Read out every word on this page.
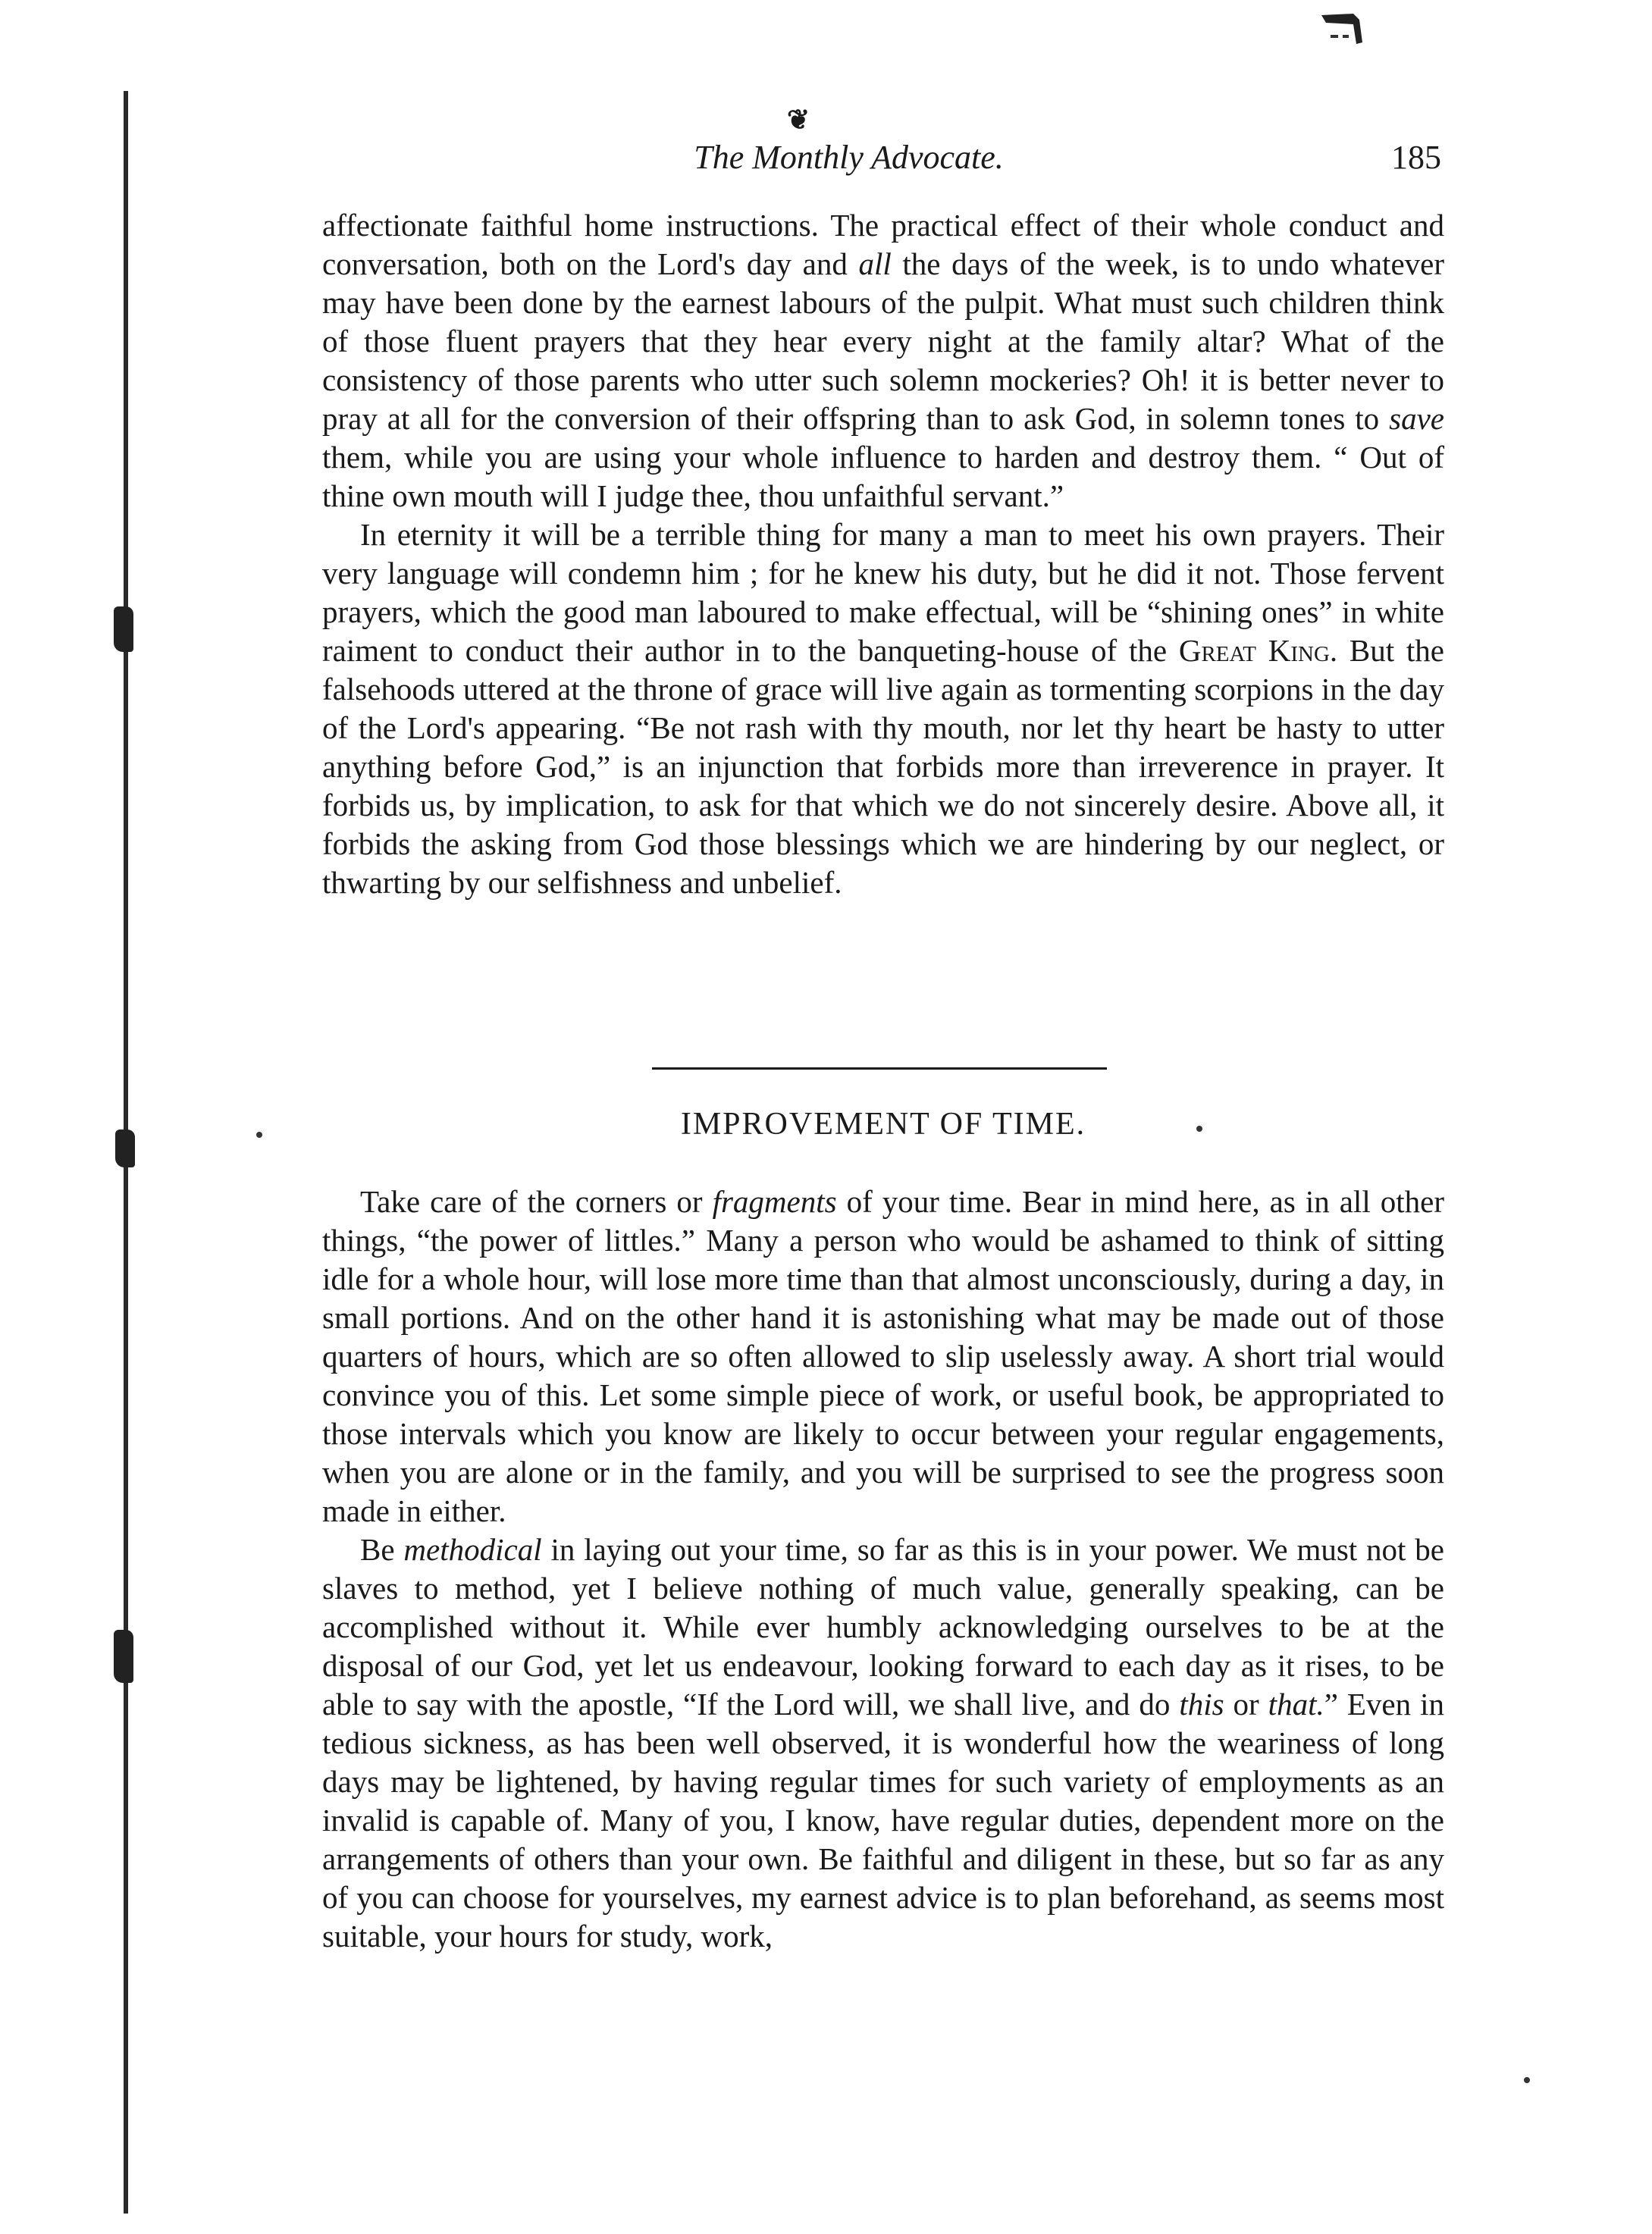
❦
The Monthly Advocate.	185

affectionate faithful home instructions. The practical effect of their whole conduct and conversation, both on the Lord's day and all the days of the week, is to undo whatever may have been done by the earnest labours of the pulpit. What must such children think of those fluent prayers that they hear every night at the family altar? What of the consistency of those parents who utter such solemn mockeries? Oh! it is better never to pray at all for the conversion of their offspring than to ask God, in solemn tones to save them, while you are using your whole influence to harden and destroy them. “ Out of thine own mouth will I judge thee, thou unfaithful servant.”

In eternity it will be a terrible thing for many a man to meet his own prayers. Their very language will condemn him ; for he knew his duty, but he did it not. Those fervent prayers, which the good man laboured to make effectual, will be “shining ones” in white raiment to conduct their author in to the banqueting-house of the Great King. But the falsehoods uttered at the throne of grace will live again as tormenting scorpions in the day of the Lord's appearing. “Be not rash with thy mouth, nor let thy heart be hasty to utter anything before God,” is an injunction that forbids more than irreverence in prayer. It forbids us, by implication, to ask for that which we do not sincerely desire. Above all, it forbids the asking from God those blessings which we are hindering by our neglect, or thwarting by our selfishness and unbelief.

IMPROVEMENT OF TIME.

Take care of the corners or fragments of your time. Bear in mind here, as in all other things, “the power of littles.” Many a person who would be ashamed to think of sitting idle for a whole hour, will lose more time than that almost unconsciously, during a day, in small portions. And on the other hand it is astonishing what may be made out of those quarters of hours, which are so often allowed to slip uselessly away. A short trial would convince you of this. Let some simple piece of work, or useful book, be appropriated to those intervals which you know are likely to occur between your regular engagements, when you are alone or in the family, and you will be surprised to see the progress soon made in either.

Be methodical in laying out your time, so far as this is in your power. We must not be slaves to method, yet I believe nothing of much value, generally speaking, can be accomplished without it. While ever humbly acknowledging ourselves to be at the disposal of our God, yet let us endeavour, looking forward to each day as it rises, to be able to say with the apostle, “If the Lord will, we shall live, and do this or that.” Even in tedious sickness, as has been well observed, it is wonderful how the weariness of long days may be lightened, by having regular times for such variety of employments as an invalid is capable of. Many of you, I know, have regular duties, dependent more on the arrangements of others than your own. Be faithful and diligent in these, but so far as any of you can choose for yourselves, my earnest advice is to plan beforehand, as seems most suitable, your hours for study, work,
